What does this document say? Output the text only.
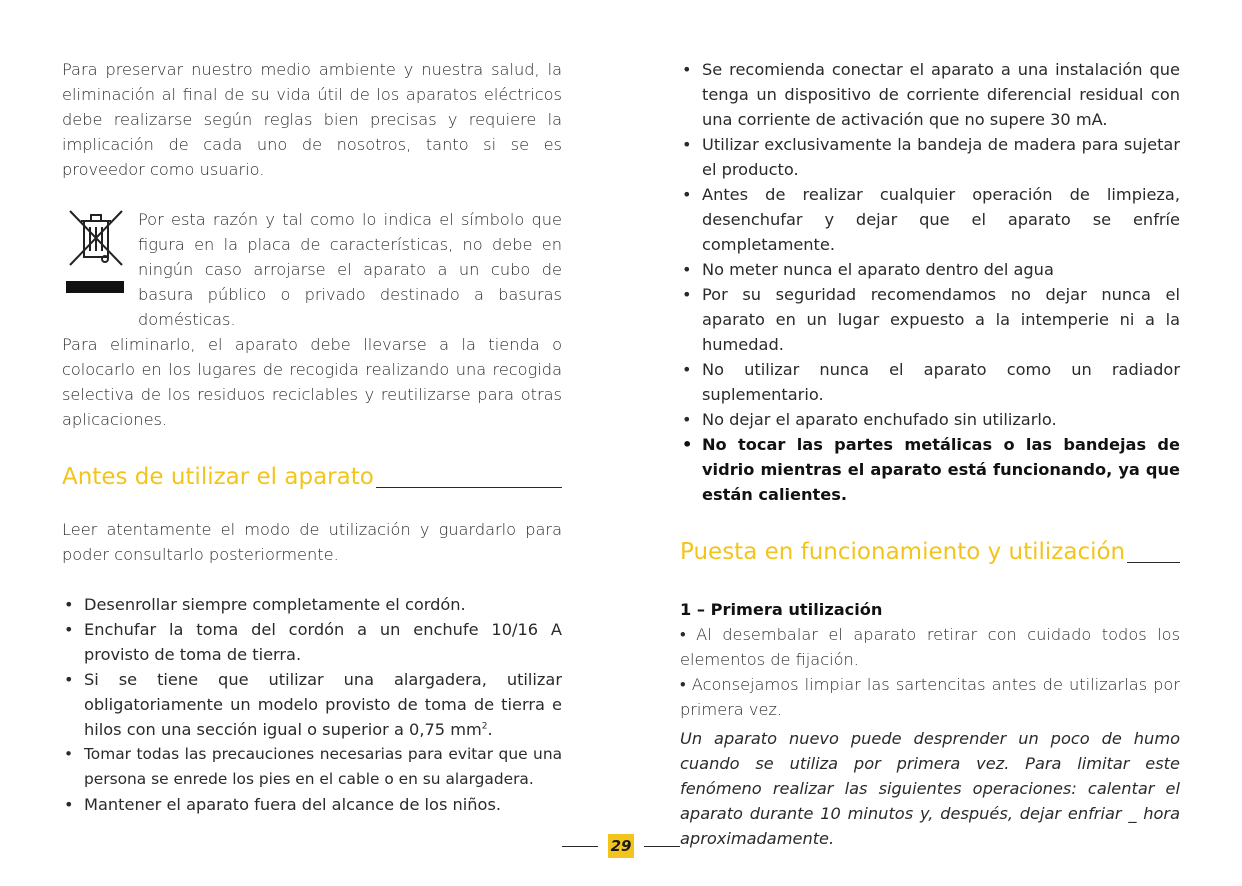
Para preservar nuestro medio ambiente y nuestra salud, la eliminación al final de su vida útil de los aparatos eléctricos debe realizarse según reglas bien precisas y requiere la implicación de cada uno de nosotros, tanto si se es proveedor como usuario.

Por esta razón y tal como lo indica el símbolo que figura en la placa de características, no debe en ningún caso arrojarse el aparato a un cubo de basura público o privado destinado a basuras domésticas.

Para eliminarlo, el aparato debe llevarse a la tienda o colocarlo en los lugares de recogida realizando una recogida selectiva de los residuos reciclables y reutilizarse para otras aplicaciones.

Antes de utilizar el aparato

Leer atentamente el modo de utilización y guardarlo para poder consultarlo posteriormente.

• Desenrollar siempre completamente el cordón.
• Enchufar la toma del cordón a un enchufe 10/16 A provisto de toma de tierra.
• Si se tiene que utilizar una alargadera, utilizar obligatoriamente un modelo provisto de toma de tierra e hilos con una sección igual o superior a 0,75 $mm^2$.
• Tomar todas las precauciones necesarias para evitar que una persona se enrede los pies en el cable o en su alargadera.
• Mantener el aparato fuera del alcance de los niños.
• Se recomienda conectar el aparato a una instalación que tenga un dispositivo de corriente diferencial residual con una corriente de activación que no supere 30 mA.
• Utilizar exclusivamente la bandeja de madera para sujetar el producto.
• Antes de realizar cualquier operación de limpieza, desenchufar y dejar que el aparato se enfríe completamente.
• No meter nunca el aparato dentro del agua
• Por su seguridad recomendamos no dejar nunca el aparato en un lugar expuesto a la intemperie ni a la humedad.
• No utilizar nunca el aparato como un radiador suplementario.
• No dejar el aparato enchufado sin utilizarlo.
• No tocar las partes metálicas o las bandejas de vidrio mientras el aparato está funcionando, ya que están calientes.
Puesta en funcionamiento y utilización
1 – Primera utilización

• Al desembalar el aparato retirar con cuidado todos los elementos de fijación.

• Aconsejamos limpiar las sartencitas antes de utilizarlas por primera vez.

Un aparato nuevo puede desprender un poco de humo cuando se utiliza por primera vez. Para limitar este fenómeno realizar las siguientes operaciones: calentar el aparato durante 10 minutos y, después, dejar enfriar _ hora aproximadamente.

29
